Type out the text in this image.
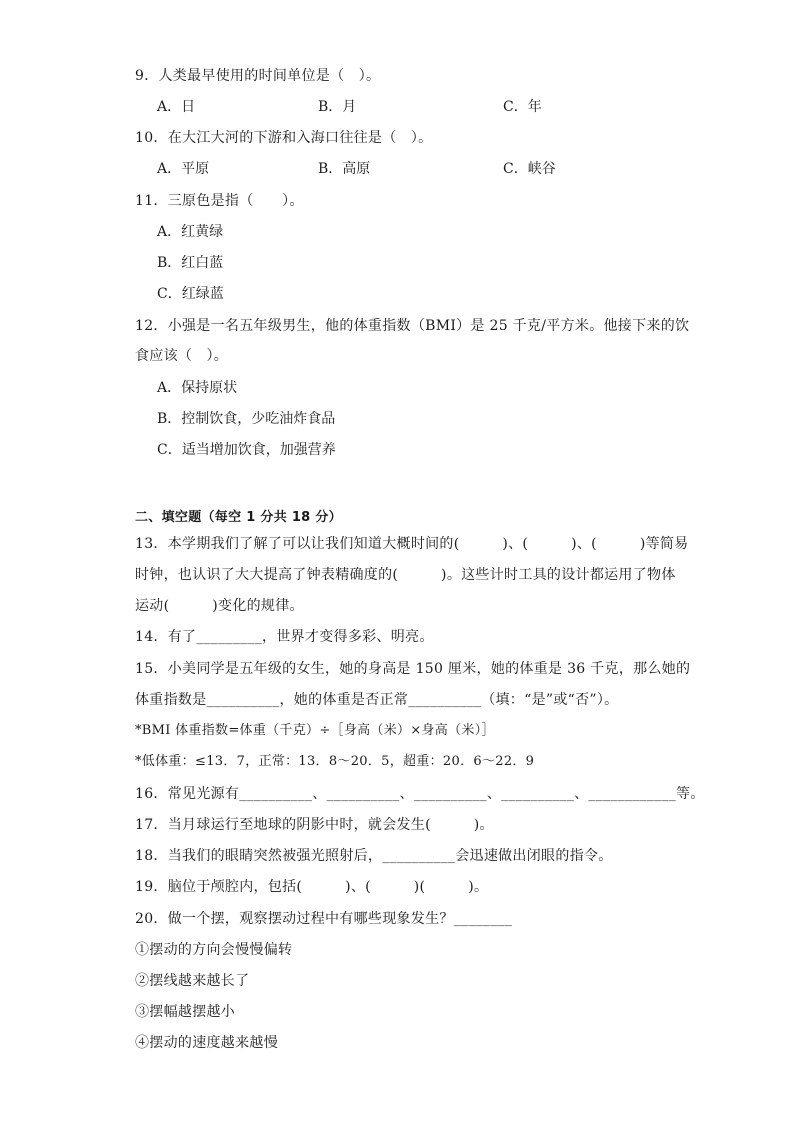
9．人类最早使用的时间单位是（　）。
A．日	B．月	C．年
10．在大江大河的下游和入海口往往是（　）。
A．平原	B．高原	C．峡谷
11．三原色是指（　　）。
A．红黄绿
B．红白蓝
C．红绿蓝
12．小强是一名五年级男生，他的体重指数（BMI）是 25 千克/平方米。他接下来的饮
食应该（　）。
A．保持原状
B．控制饮食，少吃油炸食品
C．适当增加饮食，加强营养
二、填空题（每空 1 分共 18 分）
13．本学期我们了解了可以让我们知道大概时间的(　　　)、(　　　)、(　　　)等简易
时钟，也认识了大大提高了钟表精确度的(　　　)。这些计时工具的设计都运用了物体
运动(　　　)变化的规律。
14．有了_________，世界才变得多彩、明亮。
15．小美同学是五年级的女生，她的身高是 150 厘米，她的体重是 36 千克，那么她的
体重指数是__________，她的体重是否正常__________（填：“是”或“否”）。
*BMI 体重指数=体重（千克）÷［身高（米）×身高（米）］
*低体重：≤13．7，正常：13．8～20．5，超重：20．6～22．9
16．常见光源有__________、__________、__________、__________、____________等。
17．当月球运行至地球的阴影中时，就会发生(　　　)。
18．当我们的眼睛突然被强光照射后，__________会迅速做出闭眼的指令。
19．脑位于颅腔内，包括(　　　)、(　　　)(　　　)。
20．做一个摆，观察摆动过程中有哪些现象发生？________
①摆动的方向会慢慢偏转
②摆线越来越长了
③摆幅越摆越小
④摆动的速度越来越慢
